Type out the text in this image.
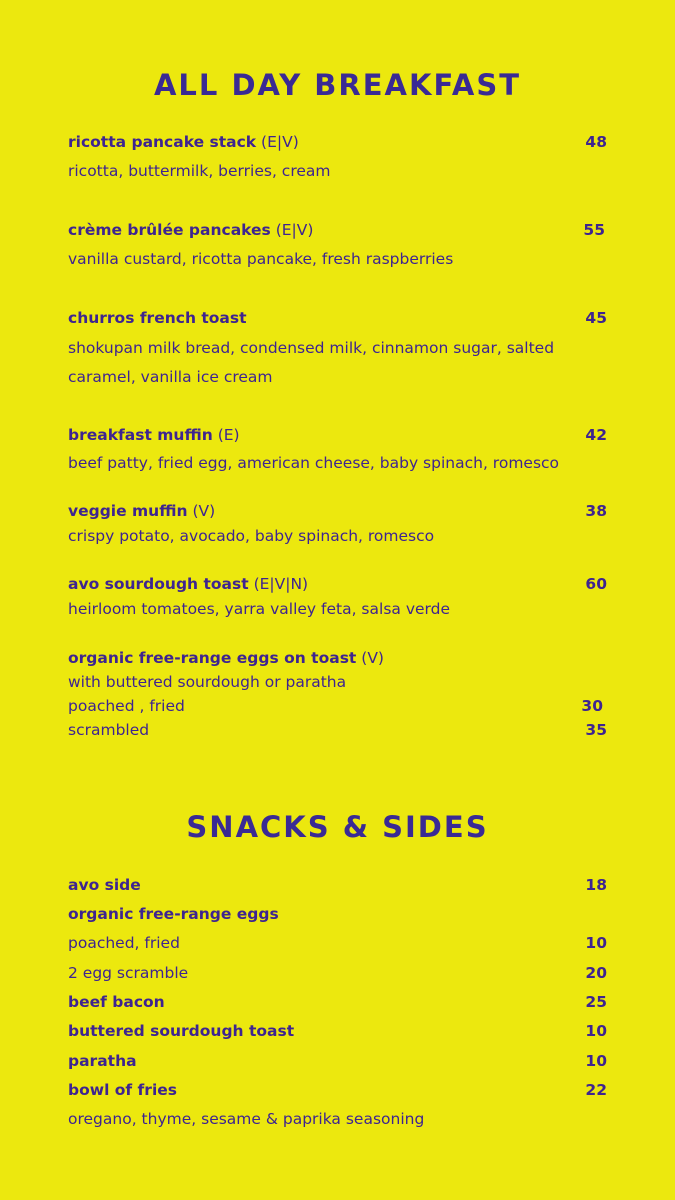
ALL DAY BREAKFAST
ricotta pancake stack (E|V)	48
ricotta, buttermilk, berries, cream
crème brûlée pancakes (E|V)	55
vanilla custard, ricotta pancake, fresh raspberries
churros french toast	45
shokupan milk bread, condensed milk, cinnamon sugar, salted
caramel, vanilla ice cream
breakfast muffin (E)	42
beef patty, fried egg, american cheese, baby spinach, romesco
veggie muffin (V)	38
crispy potato, avocado, baby spinach, romesco
avo sourdough toast (E|V|N)	60
heirloom tomatoes, yarra valley feta, salsa verde
organic free-range eggs on toast (V)
with buttered sourdough or paratha
poached , fried	30
scrambled	35
SNACKS & SIDES
avo side	18
organic free-range eggs
poached, fried	10
2 egg scramble	20
beef bacon	25
buttered sourdough toast	10
paratha	10
bowl of fries	22
oregano, thyme, sesame & paprika seasoning
